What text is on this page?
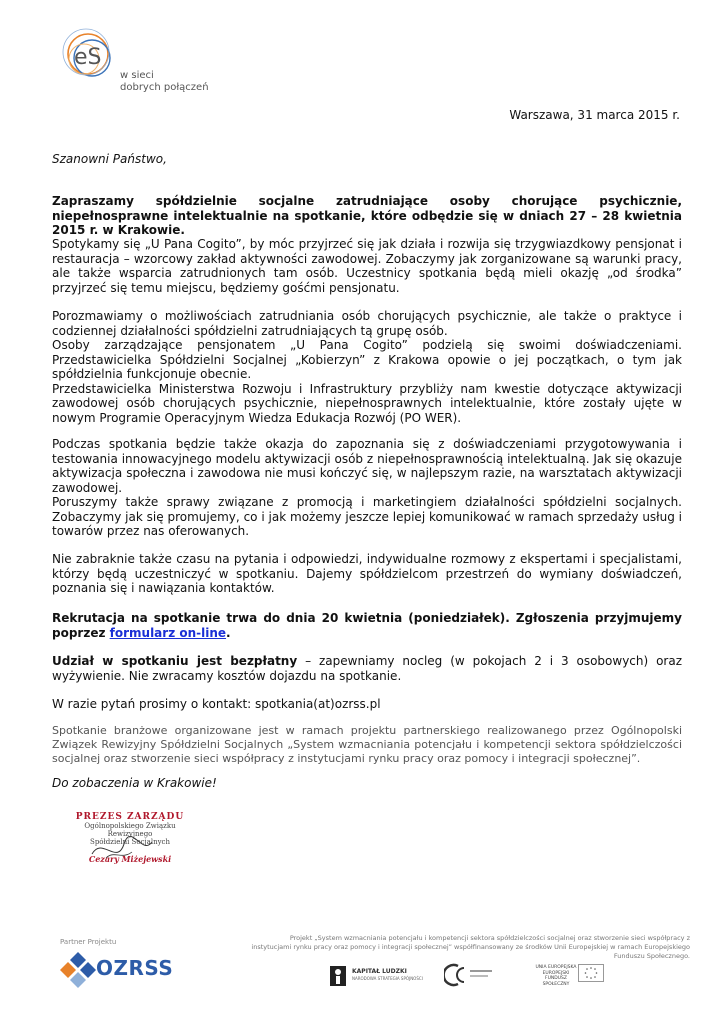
eS
w sieci
dobrych połączeń
Warszawa, 31 marca 2015 r.
Szanowni Państwo,
Zapraszamy spółdzielnie socjalne zatrudniające osoby chorujące psychicznie, niepełnosprawne intelektualnie na spotkanie, które odbędzie się w dniach 27 – 28 kwietnia 2015 r. w Krakowie.
Spotykamy się „U Pana Cogito”, by móc przyjrzeć się jak działa i rozwija się trzygwiazdkowy pensjonat i restauracja – wzorcowy zakład aktywności zawodowej. Zobaczymy jak zorganizowane są warunki pracy, ale także wsparcia zatrudnionych tam osób. Uczestnicy spotkania będą mieli okazję „od środka” przyjrzeć się temu miejscu, będziemy gośćmi pensjonatu.

Porozmawiamy o możliwościach zatrudniania osób chorujących psychicznie, ale także o praktyce i codziennej działalności spółdzielni zatrudniających tą grupę osób.

Osoby zarządzające pensjonatem „U Pana Cogito” podzielą się swoimi doświadczeniami. Przedstawicielka Spółdzielni Socjalnej „Kobierzyn” z Krakowa opowie o jej początkach, o tym jak spółdzielnia funkcjonuje obecnie.

Przedstawicielka Ministerstwa Rozwoju i Infrastruktury przybliży nam kwestie dotyczące aktywizacji zawodowej osób chorujących psychicznie, niepełnosprawnych intelektualnie, które zostały ujęte w nowym Programie Operacyjnym Wiedza Edukacja Rozwój (PO WER).

Podczas spotkania będzie także okazja do zapoznania się z doświadczeniami przygotowywania i testowania innowacyjnego modelu aktywizacji osób z niepełnosprawnością intelektualną. Jak się okazuje aktywizacja społeczna i zawodowa nie musi kończyć się, w najlepszym razie, na warsztatach aktywizacji zawodowej.

Poruszymy także sprawy związane z promocją i marketingiem działalności spółdzielni socjalnych. Zobaczymy jak się promujemy, co i jak możemy jeszcze lepiej komunikować w ramach sprzedaży usług i towarów przez nas oferowanych.

Nie zabraknie także czasu na pytania i odpowiedzi, indywidualne rozmowy z ekspertami i specjalistami, którzy będą uczestniczyć w spotkaniu. Dajemy spółdzielcom przestrzeń do wymiany doświadczeń, poznania się i nawiązania kontaktów.
Rekrutacja na spotkanie trwa do dnia 20 kwietnia (poniedziałek). Zgłoszenia przyjmujemy poprzez formularz on-line.
Udział w spotkaniu jest bezpłatny – zapewniamy nocleg (w pokojach 2 i 3 osobowych) oraz wyżywienie. Nie zwracamy kosztów dojazdu na spotkanie.
W razie pytań prosimy o kontakt: spotkania(at)ozrss.pl
Spotkanie branżowe organizowane jest w ramach projektu partnerskiego realizowanego przez Ogólnopolski Związek Rewizyjny Spółdzielni Socjalnych „System wzmacniania potencjału i kompetencji sektora spółdzielczości socjalnej oraz stworzenie sieci współpracy z instytucjami rynku pracy oraz pomocy i integracji społecznej”.
Do zobaczenia w Krakowie!
PREZES ZARZĄDU
Ogólnopolskiego Związku Rewizyjnego
Spółdzielni Socjalnych
Cezary Miżejewski
Partner Projektu
OZRSS
Projekt „System wzmacniania potencjału i kompetencji sektora spółdzielczości socjalnej oraz stworzenie sieci współpracy z instytucjami rynku pracy oraz pomocy i integracji społecznej” współfinansowany ze środków Unii Europejskiej w ramach Europejskiego Funduszu Społecznego.
KAPITAŁ LUDZKI
NARODOWA STRATEGIA SPÓJNOŚCI
UNIA EUROPEJSKA EUROPEJSKI FUNDUSZ SPOŁECZNY
